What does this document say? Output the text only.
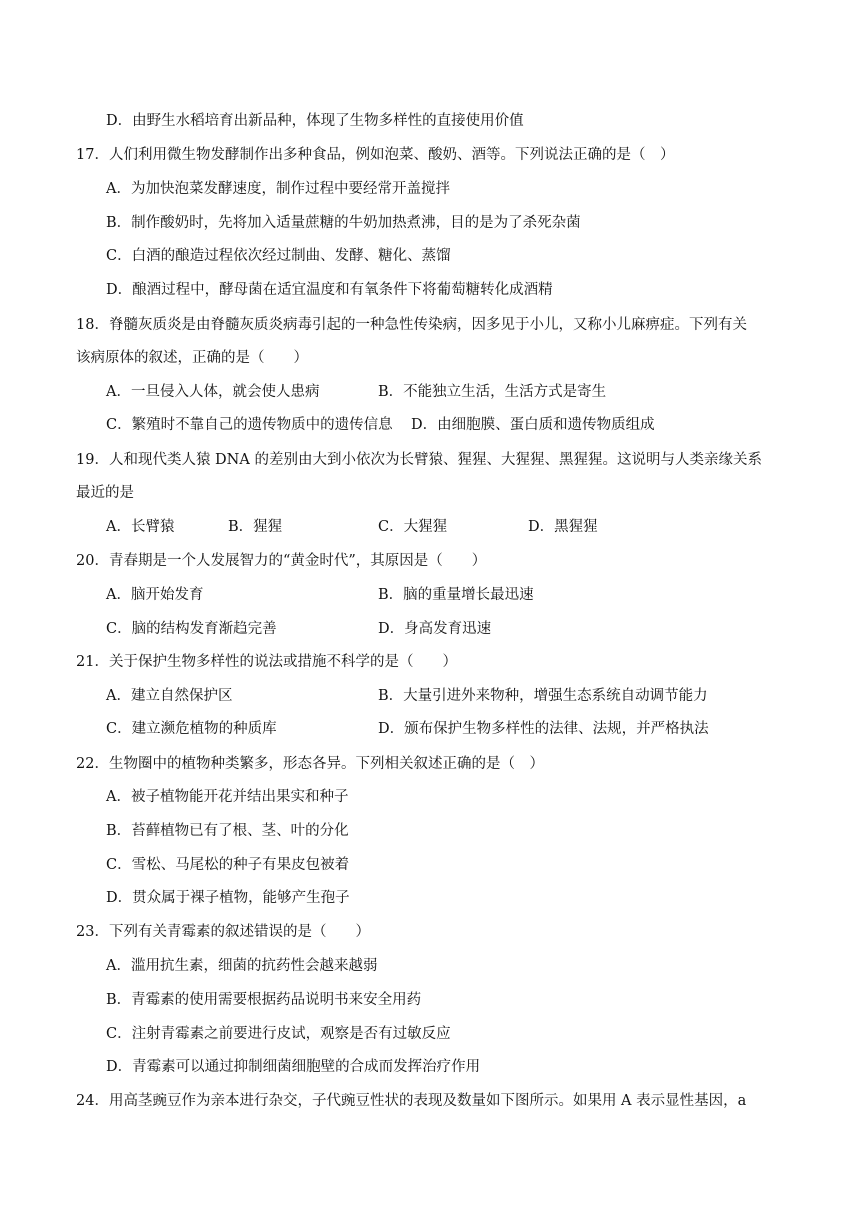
D．由野生水稻培育出新品种，体现了生物多样性的直接使用价值
17．人们利用微生物发酵制作出多种食品，例如泡菜、酸奶、酒等。下列说法正确的是（　）
A．为加快泡菜发酵速度，制作过程中要经常开盖搅拌
B．制作酸奶时，先将加入适量蔗糖的牛奶加热煮沸，目的是为了杀死杂菌
C．白酒的酿造过程依次经过制曲、发酵、糖化、蒸馏
D．酿酒过程中，酵母菌在适宜温度和有氧条件下将葡萄糖转化成酒精
18．脊髓灰质炎是由脊髓灰质炎病毒引起的一种急性传染病，因多见于小儿，又称小儿麻痹症。下列有关
该病原体的叙述，正确的是（　　）
A．一旦侵入人体，就会使人患病	B．不能独立生活，生活方式是寄生
C．繁殖时不靠自己的遗传物质中的遗传信息 D．由细胞膜、蛋白质和遗传物质组成
19．人和现代类人猿 DNA 的差别由大到小依次为长臂猿、猩猩、大猩猩、黑猩猩。这说明与人类亲缘关系
最近的是
A．长臂猿	B．猩猩	C．大猩猩	D．黑猩猩
20．青春期是一个人发展智力的“黄金时代”，其原因是（　　）
A．脑开始发育	B．脑的重量增长最迅速
C．脑的结构发育渐趋完善	D．身高发育迅速
21．关于保护生物多样性的说法或措施不科学的是（　　）
A．建立自然保护区	B．大量引进外来物种，增强生态系统自动调节能力
C．建立濒危植物的种质库	D．颁布保护生物多样性的法律、法规，并严格执法
22．生物圈中的植物种类繁多，形态各异。下列相关叙述正确的是（　）
A．被子植物能开花并结出果实和种子
B．苔藓植物已有了根、茎、叶的分化
C．雪松、马尾松的种子有果皮包被着
D．贯众属于裸子植物，能够产生孢子
23．下列有关青霉素的叙述错误的是（　　）
A．滥用抗生素，细菌的抗药性会越来越弱
B．青霉素的使用需要根据药品说明书来安全用药
C．注射青霉素之前要进行皮试，观察是否有过敏反应
D．青霉素可以通过抑制细菌细胞壁的合成而发挥治疗作用
24．用高茎豌豆作为亲本进行杂交，子代豌豆性状的表现及数量如下图所示。如果用 A 表示显性基因，a
